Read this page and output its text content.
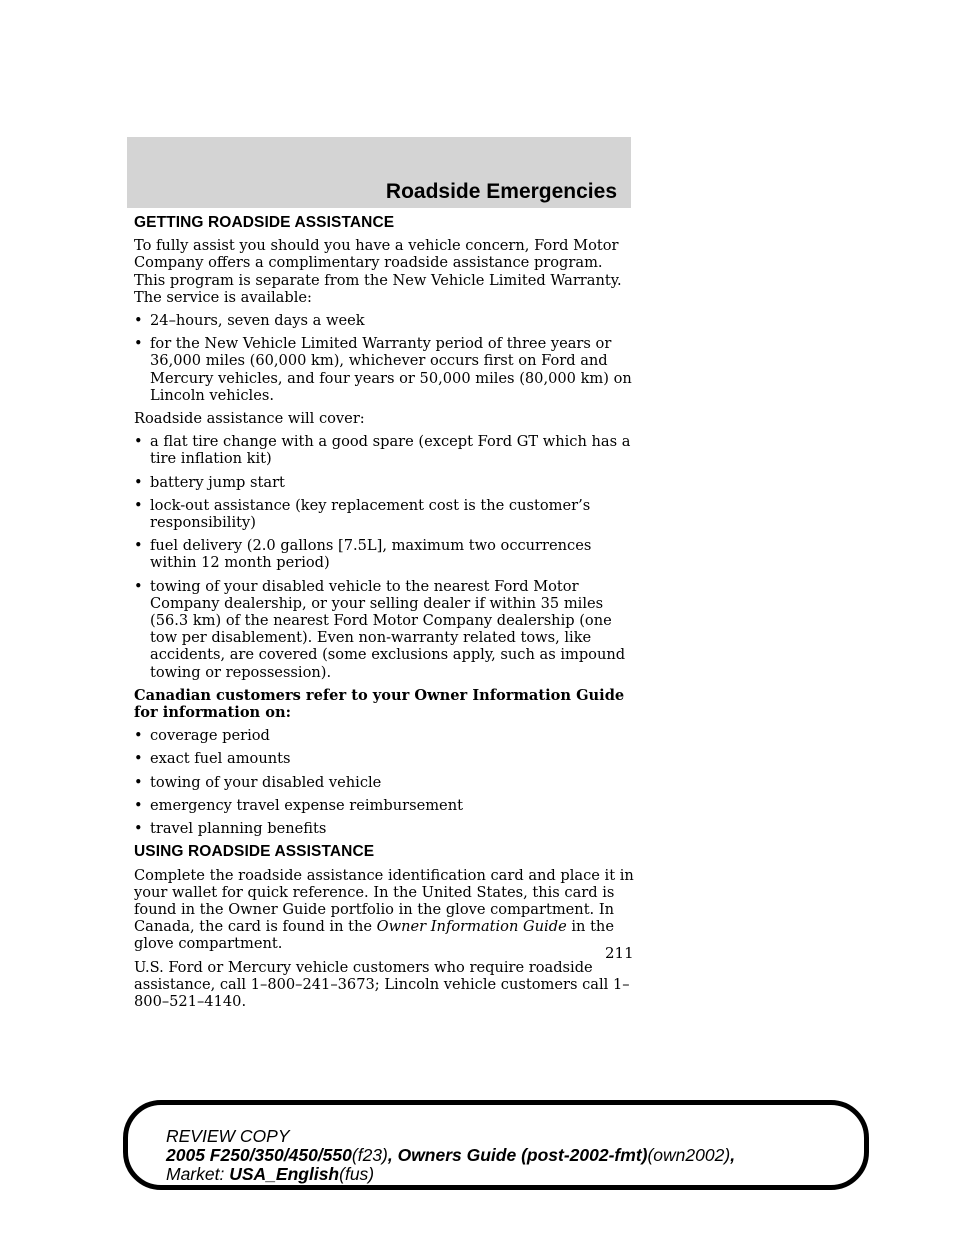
Roadside Emergencies
GETTING ROADSIDE ASSISTANCE

To fully assist you should you have a vehicle concern, Ford Motor Company offers a complimentary roadside assistance program. This program is separate from the New Vehicle Limited Warranty. The service is available:

• 24–hours, seven days a week
• for the New Vehicle Limited Warranty period of three years or 36,000 miles (60,000 km), whichever occurs first on Ford and Mercury vehicles, and four years or 50,000 miles (80,000 km) on Lincoln vehicles.

Roadside assistance will cover:

• a flat tire change with a good spare (except Ford GT which has a tire inflation kit)
• battery jump start
• lock-out assistance (key replacement cost is the customer’s responsibility)
• fuel delivery (2.0 gallons [7.5L], maximum two occurrences within 12 month period)
• towing of your disabled vehicle to the nearest Ford Motor Company dealership, or your selling dealer if within 35 miles (56.3 km) of the nearest Ford Motor Company dealership (one tow per disablement). Even non-warranty related tows, like accidents, are covered (some exclusions apply, such as impound towing or repossession).

Canadian customers refer to your Owner Information Guide for information on:

• coverage period
• exact fuel amounts
• towing of your disabled vehicle
• emergency travel expense reimbursement
• travel planning benefits
USING ROADSIDE ASSISTANCE

Complete the roadside assistance identification card and place it in your wallet for quick reference. In the United States, this card is found in the Owner Guide portfolio in the glove compartment. In Canada, the card is found in the Owner Information Guide in the glove compartment.

U.S. Ford or Mercury vehicle customers who require roadside assistance, call 1–800–241–3673; Lincoln vehicle customers call 1–800–521–4140.

211
REVIEW COPY
2005 F250/350/450/550(f23), Owners Guide (post-2002-fmt)(own2002),
Market: USA_English(fus)
